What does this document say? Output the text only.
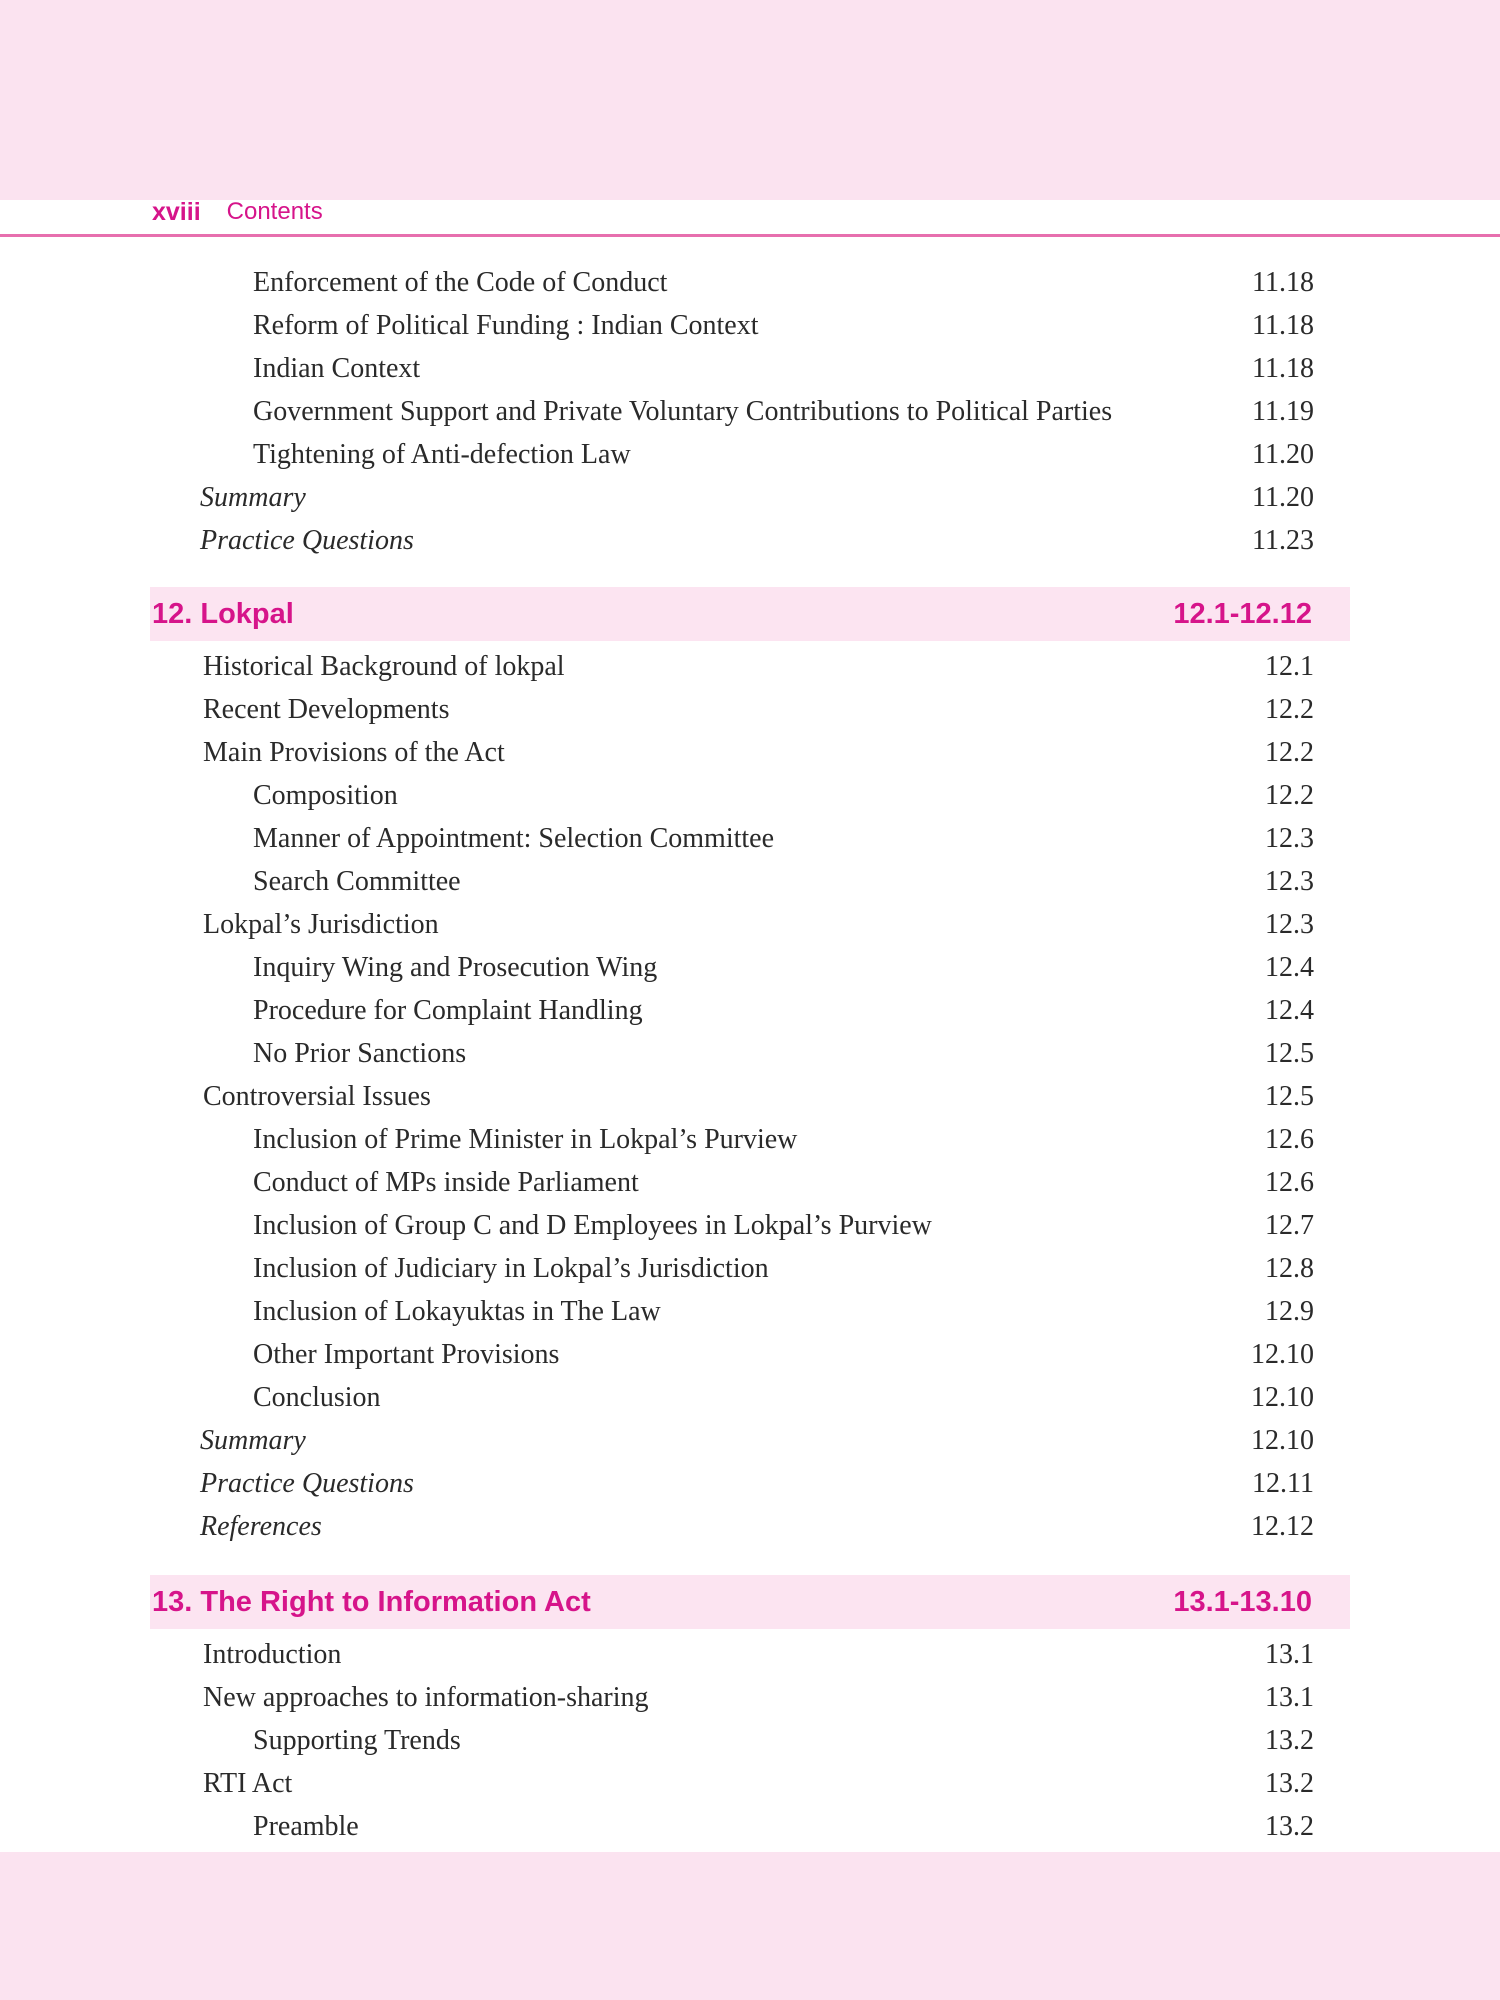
xviii Contents
Enforcement of the Code of Conduct	11.18
Reform of Political Funding : Indian Context	11.18
Indian Context	11.18
Government Support and Private Voluntary Contributions to Political Parties	11.19
Tightening of Anti-defection Law	11.20
Summary	11.20
Practice Questions	11.23
12. Lokpal	12.1-12.12
Historical Background of lokpal	12.1
Recent Developments	12.2
Main Provisions of the Act	12.2
Composition	12.2
Manner of Appointment: Selection Committee	12.3
Search Committee	12.3
Lokpal’s Jurisdiction	12.3
Inquiry Wing and Prosecution Wing	12.4
Procedure for Complaint Handling	12.4
No Prior Sanctions	12.5
Controversial Issues	12.5
Inclusion of Prime Minister in Lokpal’s Purview	12.6
Conduct of MPs inside Parliament	12.6
Inclusion of Group C and D Employees in Lokpal’s Purview	12.7
Inclusion of Judiciary in Lokpal’s Jurisdiction	12.8
Inclusion of Lokayuktas in The Law	12.9
Other Important Provisions	12.10
Conclusion	12.10
Summary	12.10
Practice Questions	12.11
References	12.12
13. The Right to Information Act	13.1-13.10
Introduction	13.1
New approaches to information-sharing	13.1
Supporting Trends	13.2
RTI Act	13.2
Preamble	13.2
